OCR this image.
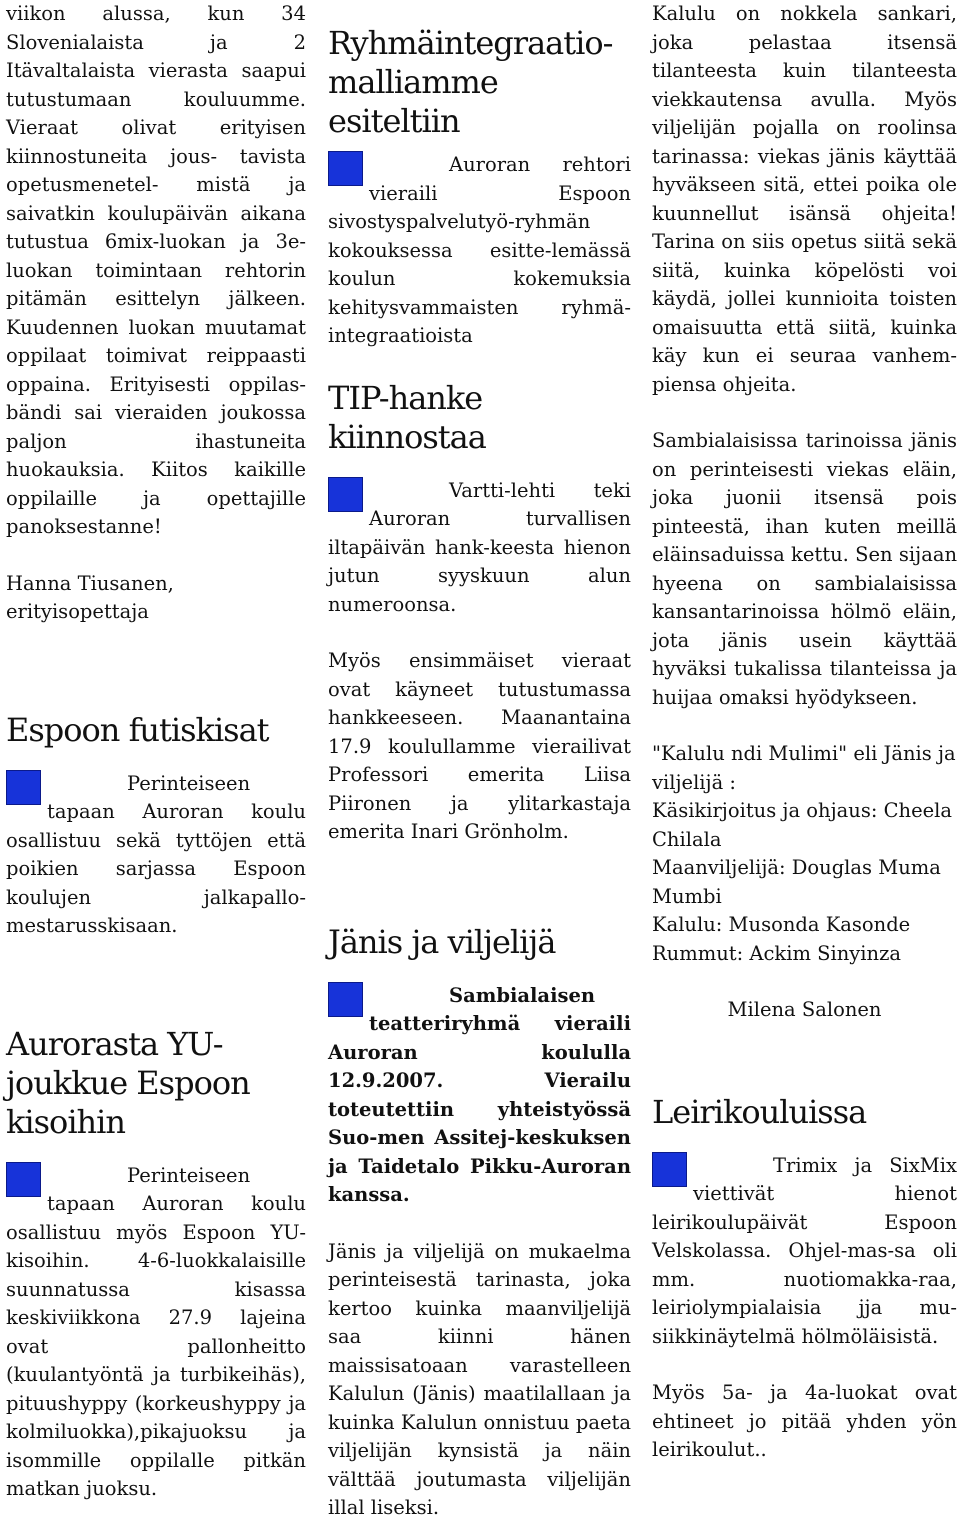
viikon alussa, kun 34 Slovenialaista ja 2 Itävaltalaista vierasta saapui tutustumaan kouluumme. Vieraat olivat erityisen kiinnostuneita jous- tavista opetusmenetel- mistä ja saivatkin koulupäivän aikana tutustua 6mix-luokan ja 3e-luokan toimintaan rehtorin pitämän esittelyn jälkeen. Kuudennen luokan muutamat oppilaat toimivat reippaasti oppaina. Erityisesti oppilas-bändi sai vieraiden joukossa paljon ihastuneita huokauksia. Kiitos kaikille oppilaille ja opettajille panoksestanne!

Hanna Tiusanen,

erityisopettaja

Espoon futiskisat

Perinteiseen tapaan Auroran koulu osallistuu sekä tyttöjen että poikien sarjassa Espoon koulujen jalkapallo-mestarusskisaan.

Aurorasta YU-joukkue Espoon kisoihin

Perinteiseen tapaan Auroran koulu osallistuu myös Espoon YU-kisoihin. 4-6-luokkalaisille suunnatussa kisassa keskiviikkona 27.9 lajeina ovat pallonheitto (kuulantyöntä ja turbikeihäs), pituushyppy (korkeushyppy ja kolmiluokka),pikajuoksu ja isommille oppilalle pitkän matkan juoksu.

Ryhmäintegraatio-malliamme esiteltiin

Auroran rehtori vieraili Espoon sivostyspalvelutyö-ryhmän kokouksessa esitte-lemässä koulun kokemuksia kehitysvammaisten ryhmä-integraatioista

TIP-hanke kiinnostaa

Vartti-lehti teki Auroran turvallisen iltapäivän hank-keesta hienon jutun syyskuun alun numeroonsa.

Myös ensimmäiset vieraat ovat käyneet tutustumassa hankkeeseen. Maanantaina 17.9 koulullamme vierailivat Professori emerita Liisa Piironen ja ylitarkastaja emerita Inari Grönholm.

Jänis ja viljelijä

Sambialaisen teatteriryhmä vieraili Auroran koululla 12.9.2007. Vierailu toteutettiin yhteistyössä Suo-men Assitej-keskuksen ja Taidetalo Pikku-Auroran kanssa.

Jänis ja viljelijä on mukaelma perinteisestä tarinasta, joka kertoo kuinka maanviljelijä saa kiinni hänen maissisatoaan varastelleen Kalulun (Jänis) maatilallaan ja kuinka Kalulun onnistuu paeta viljelijän kynsistä ja näin välttää joutumasta viljelijän illal liseksi.

Kalulu on nokkela sankari, joka pelastaa itsensä tilanteesta kuin tilanteesta viekkautensa avulla. Myös viljelijän pojalla on roolinsa tarinassa: viekas jänis käyttää hyväkseen sitä, ettei poika ole kuunnellut isänsä ohjeita! Tarina on siis opetus siitä sekä siitä, kuinka köpelösti voi käydä, jollei kunnioita toisten omaisuutta että siitä, kuinka käy kun ei seuraa vanhem- piensa ohjeita.

Sambialaisissa tarinoissa jänis on perinteisesti viekas eläin, joka juonii itsensä pois pinteestä, ihan kuten meillä eläinsaduissa kettu. Sen sijaan hyeena on sambialaisissa kansantarinoissa hölmö eläin, jota jänis usein käyttää hyväksi tukalissa tilanteissa ja huijaa omaksi hyödykseen.

"Kalulu ndi Mulimi" eli Jänis ja viljelijä :

Käsikirjoitus ja ohjaus: Cheela Chilala

Maanviljelijä: Douglas Muma Mumbi

Kalulu: Musonda Kasonde

Rummut: Ackim Sinyinza

Milena Salonen

Leirikouluissa

Trimix ja SixMix viettivät hienot leirikoulupäivät Espoon Velskolassa. Ohjel-mas-sa oli mm. nuotiomakka-raa, leiriolympialaisia jja mu-siikkinäytelmä hölmöläisistä.

Myös 5a- ja 4a-luokat ovat ehtineet jo pitää yhden yön leirikoulut..
